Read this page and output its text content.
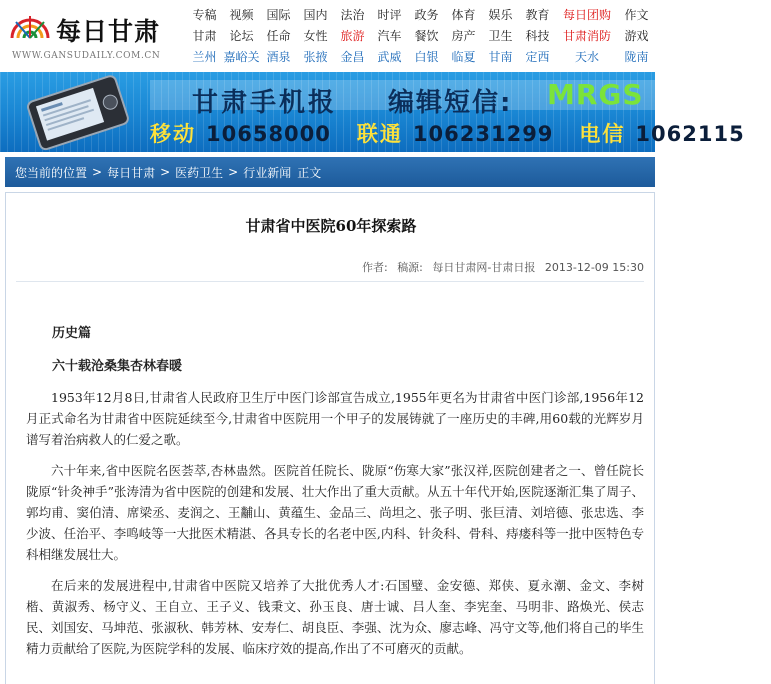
每日甘肃
WWW.GANSUDAILY.COM.CN
专稿	视频	国际	国内	法治	时评	政务	体育	娱乐	教育	每日团购	作文
甘肃	论坛	任命	女性	旅游	汽车	餐饮	房产	卫生	科技	甘肃消防	游戏
兰州 嘉峪关 酒泉	张掖	金昌	武威	白银	临夏	甘南	定西	天水	陇南
甘肃手机报 编辑短信: MRGS
移动 10658000 联通 106231299 电信 1062115
您当前的位置 > 每日甘肃 > 医药卫生 > 行业新闻 正文
甘肃省中医院60年探索路
作者: 稿源: 每日甘肃网-甘肃日报 2013-12-09 15:30
历史篇
六十载沧桑集杏林春暖

1953年12月8日,甘肃省人民政府卫生厅中医门诊部宣告成立,1955年更名为甘肃省中医门诊部,1956年12月正式命名为甘肃省中医院延续至今,甘肃省中医院用一个甲子的发展铸就了一座历史的丰碑,用60载的光辉岁月谱写着治病救人的仁爱之歌。

六十年来,省中医院名医荟萃,杏林蛊然。医院首任院长、陇原“伤寒大家”张汉祥,医院创建者之一、曾任院长陇原“针灸神手”张涛清为省中医院的创建和发展、壮大作出了重大贡献。从五十年代开始,医院逐渐汇集了周子、郭均甫、窦伯清、席梁丞、麦润之、王黼山、黄蕴生、金品三、尚坦之、张子明、张巨清、刘培德、张忠选、李少波、任治平、李鸣岐等一大批医术精湛、各具专长的名老中医,内科、针灸科、骨科、痔瘘科等一批中医特色专科相继发展壮大。

在后来的发展进程中,甘肃省中医院又培养了大批优秀人才:石国璧、金安德、郑侠、夏永潮、金文、李树楷、黄淑秀、杨守义、王自立、王子义、钱秉文、孙玉良、唐士诚、吕人奎、李宪奎、马明非、路焕光、侯志民、刘国安、马坤范、张淑秋、韩芳林、安寿仁、胡良臣、李强、沈为众、廖志峰、冯守文等,他们将自己的毕生精力贡献给了医院,为医院学科的发展、临床疗效的提高,作出了不可磨灭的贡献。
